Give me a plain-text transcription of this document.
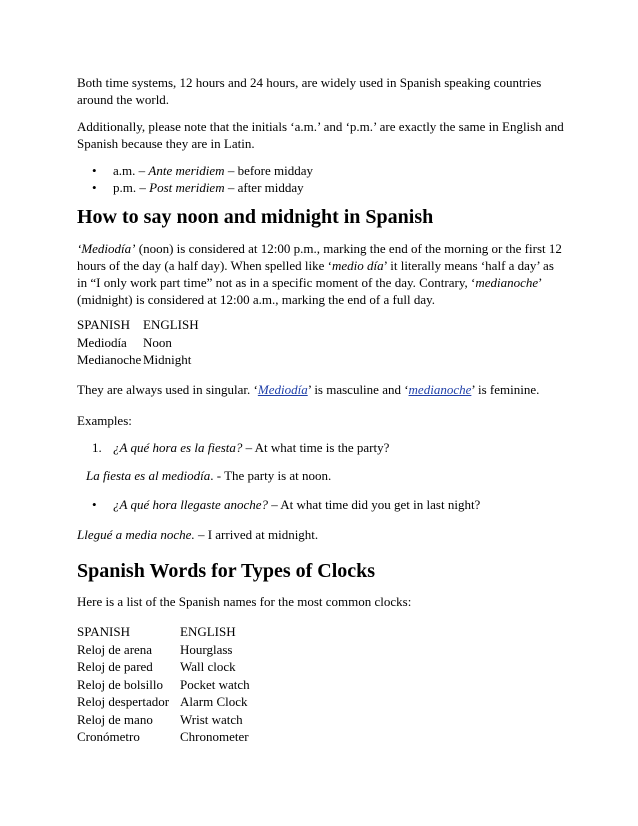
Both time systems, 12 hours and 24 hours, are widely used in Spanish speaking countries around the world.

Additionally, please note that the initials ‘a.m.’ and ‘p.m.’ are exactly the same in English and Spanish because they are in Latin.

• a.m. – Ante meridiem – before midday
• p.m. – Post meridiem – after midday
How to say noon and midnight in Spanish

‘Mediodía’ (noon) is considered at 12:00 p.m., marking the end of the morning or the first 12 hours of the day (a half day). When spelled like ‘medio día’ it literally means ‘half a day’ as in “I only work part time” not as in a specific moment of the day. Contrary, ‘medianoche’ (midnight) is considered at 12:00 a.m., marking the end of a full day.

SPANISH	ENGLISH
Mediodía	Noon
Medianoche	Midnight

They are always used in singular. ‘Mediodía’ is masculine and ‘medianoche’ is feminine.

Examples:

1. ¿A qué hora es la fiesta? – At what time is the party?
La fiesta es al mediodía. - The party is at noon.
• ¿A qué hora llegaste anoche? – At what time did you get in last night?
Llegué a media noche. – I arrived at midnight.
Spanish Words for Types of Clocks

Here is a list of the Spanish names for the most common clocks:

SPANISH	ENGLISH
Reloj de arena	Hourglass
Reloj de pared	Wall clock
Reloj de bolsillo	Pocket watch
Reloj despertador	Alarm Clock
Reloj de mano	Wrist watch
Cronómetro	Chronometer
